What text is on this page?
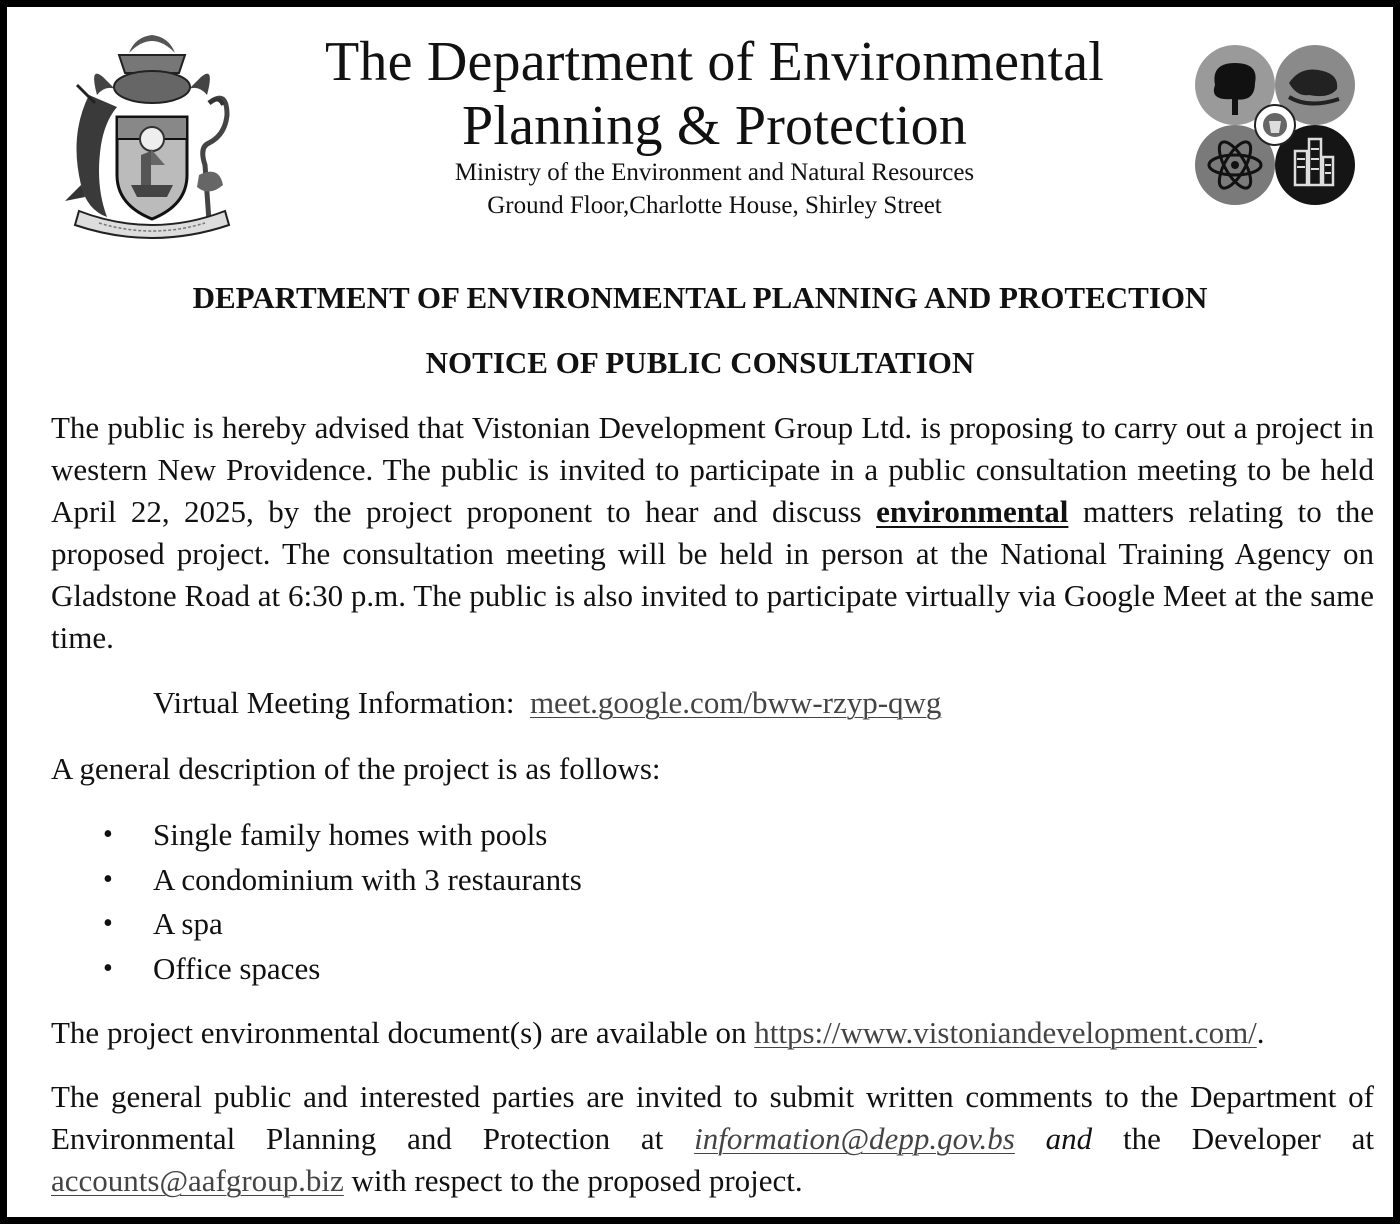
The Department of Environmental
Planning & Protection
Ministry of the Environment and Natural Resources
Ground Floor,Charlotte House, Shirley Street
DEPARTMENT OF ENVIRONMENTAL PLANNING AND PROTECTION
NOTICE OF PUBLIC CONSULTATION
The public is hereby advised that Vistonian Development Group Ltd. is proposing to carry out a project in western New Providence. The public is invited to participate in a public consultation meeting to be held April 22, 2025, by the project proponent to hear and discuss environmental matters relating to the proposed project. The consultation meeting will be held in person at the National Training Agency on Gladstone Road at 6:30 p.m. The public is also invited to participate virtually via Google Meet at the same time.
Virtual Meeting Information: meet.google.com/bww-rzyp-qwg
A general description of the project is as follows:
• Single family homes with pools
• A condominium with 3 restaurants
• A spa
• Office spaces
The project environmental document(s) are available on https://www.vistoniandevelopment.com/.
The general public and interested parties are invited to submit written comments to the Department of Environmental Planning and Protection at information@depp.gov.bs and the Developer at accounts@aafgroup.biz with respect to the proposed project.
